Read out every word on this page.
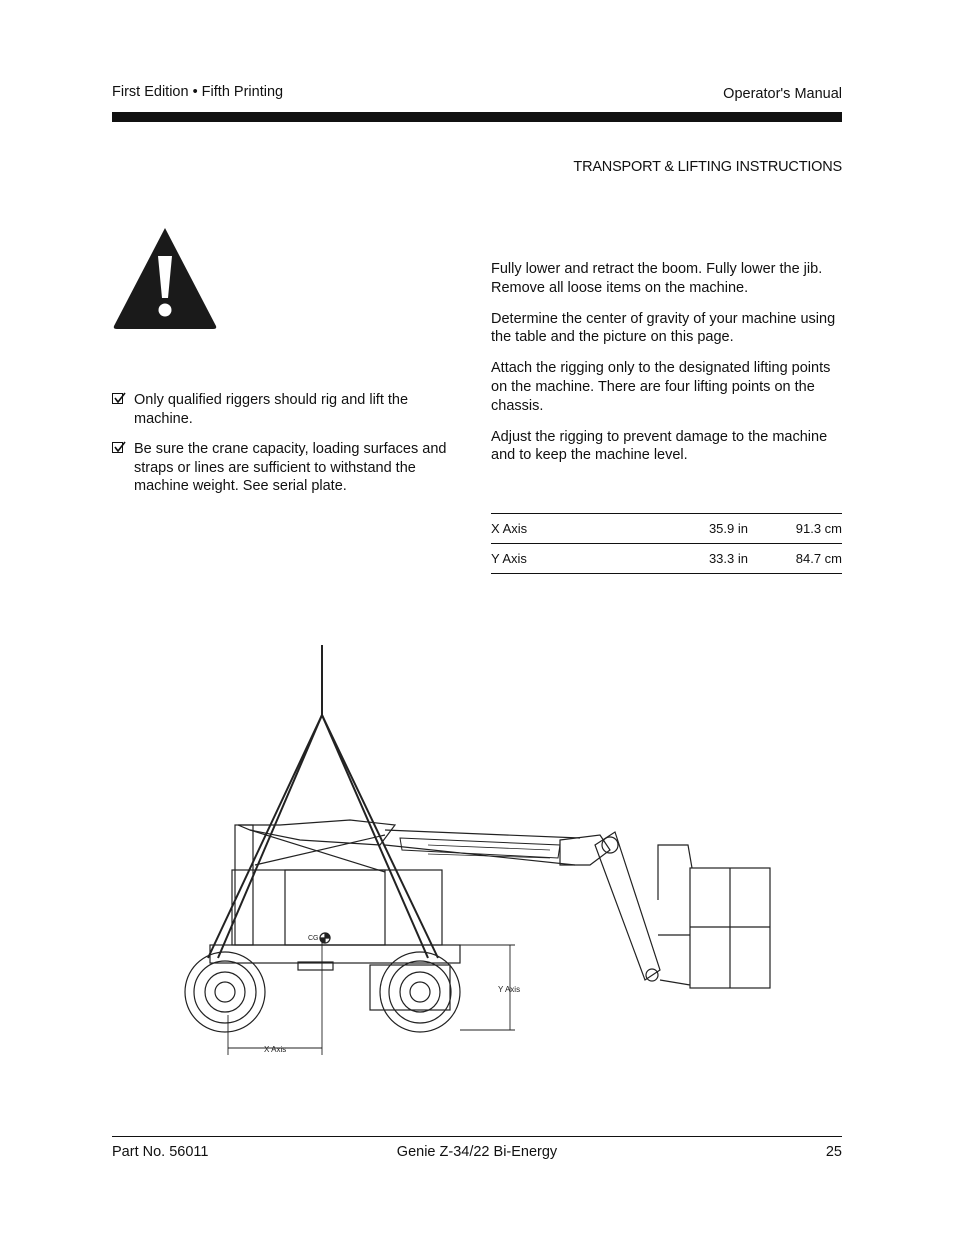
First Edition • Fifth Printing	Operator's Manual
TRANSPORT & LIFTING INSTRUCTIONS
Only qualified riggers should rig and lift the machine.
Be sure the crane capacity, loading surfaces and straps or lines are sufficient to withstand the machine weight. See serial plate.

Fully lower and retract the boom. Fully lower the jib. Remove all loose items on the machine.

Determine the center of gravity of your machine using the table and the picture on this page.

Attach the rigging only to the designated lifting points on the machine. There are four lifting points on the chassis.

Adjust the rigging to prevent damage to the machine and to keep the machine level.

X Axis	35.9 in	91.3 cm
Y Axis	33.3 in	84.7 cm
CG
X Axis
Y Axis
Part No. 56011	Genie Z-34/22 Bi-Energy	25
